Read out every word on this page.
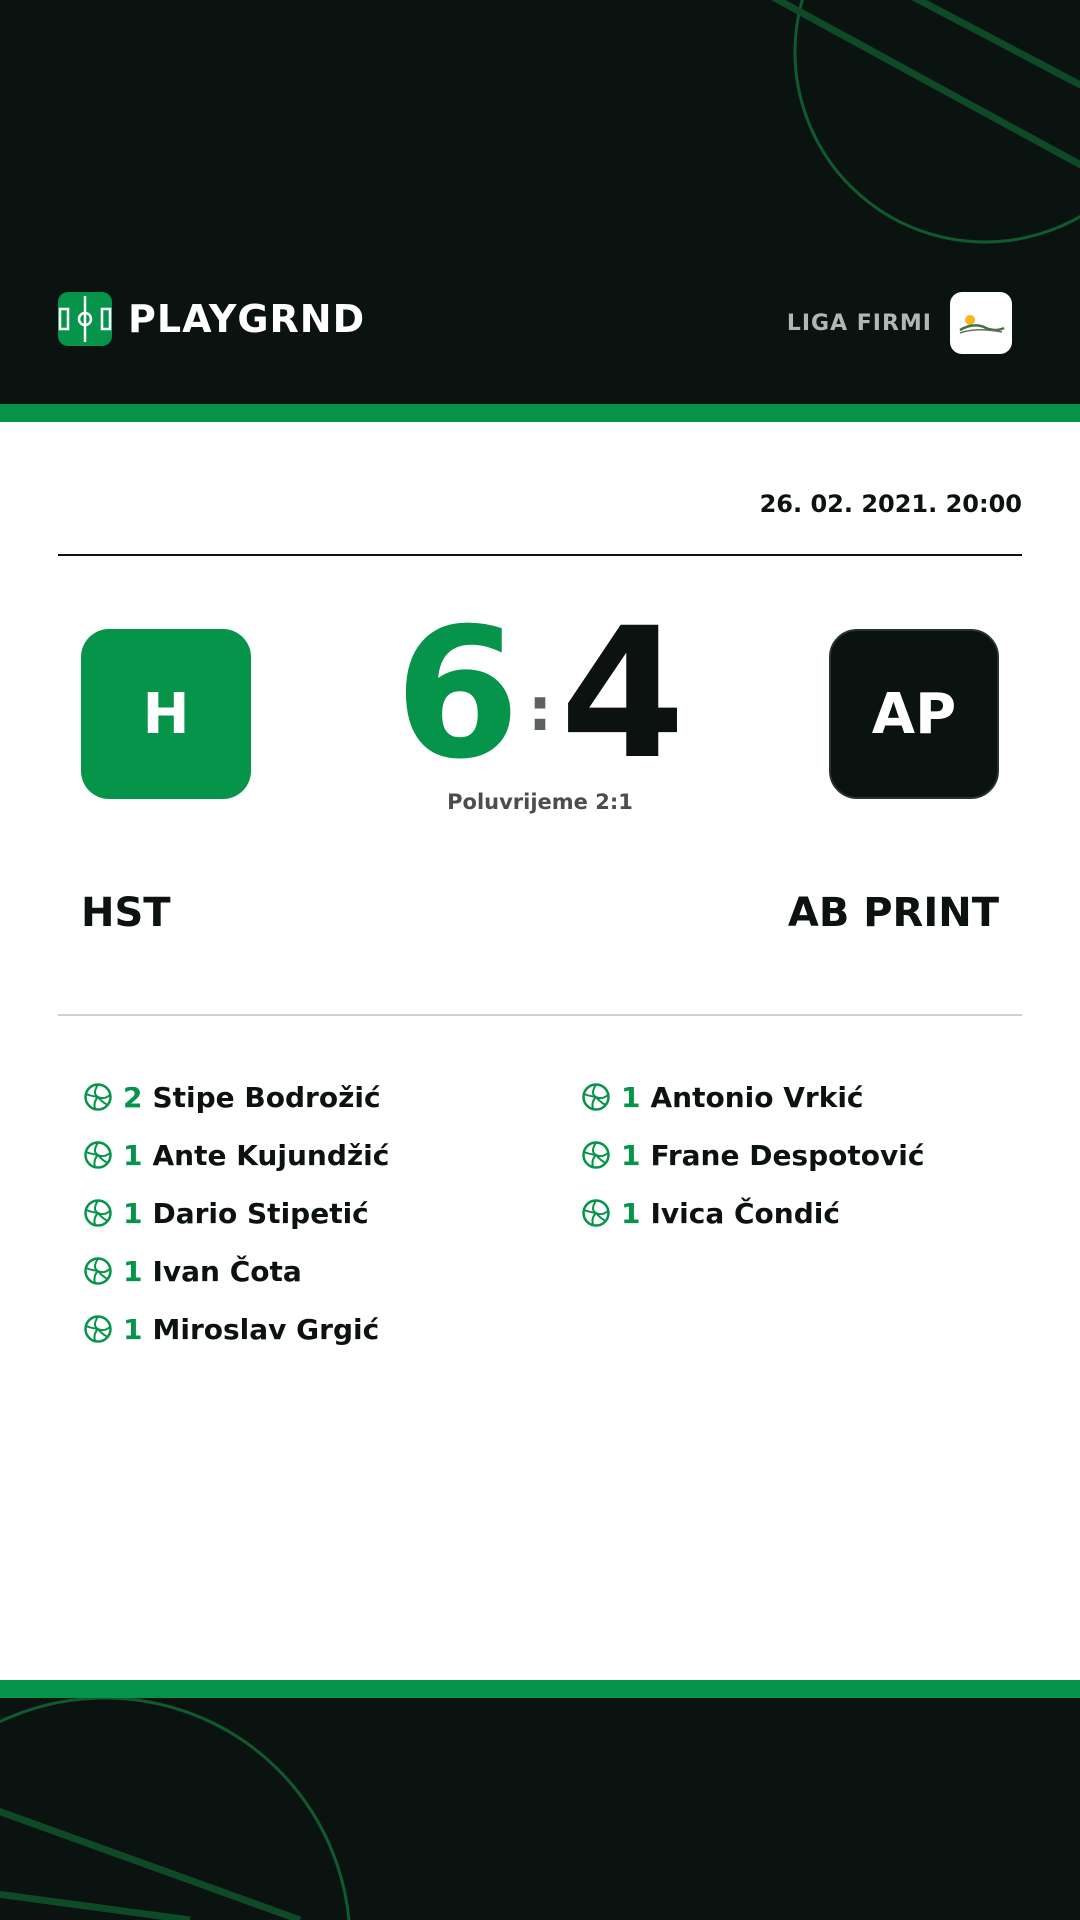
PLAYGRND	LIGA FIRMI
26. 02. 2021. 20:00
H	AP
6 : 4
Poluvrijeme 2:1
HST	AB PRINT
2 Stipe Bodrožić
1 Ante Kujundžić
1 Dario Stipetić
1 Ivan Čota
1 Miroslav Grgić
1 Antonio Vrkić
1 Frane Despotović
1 Ivica Čondić
